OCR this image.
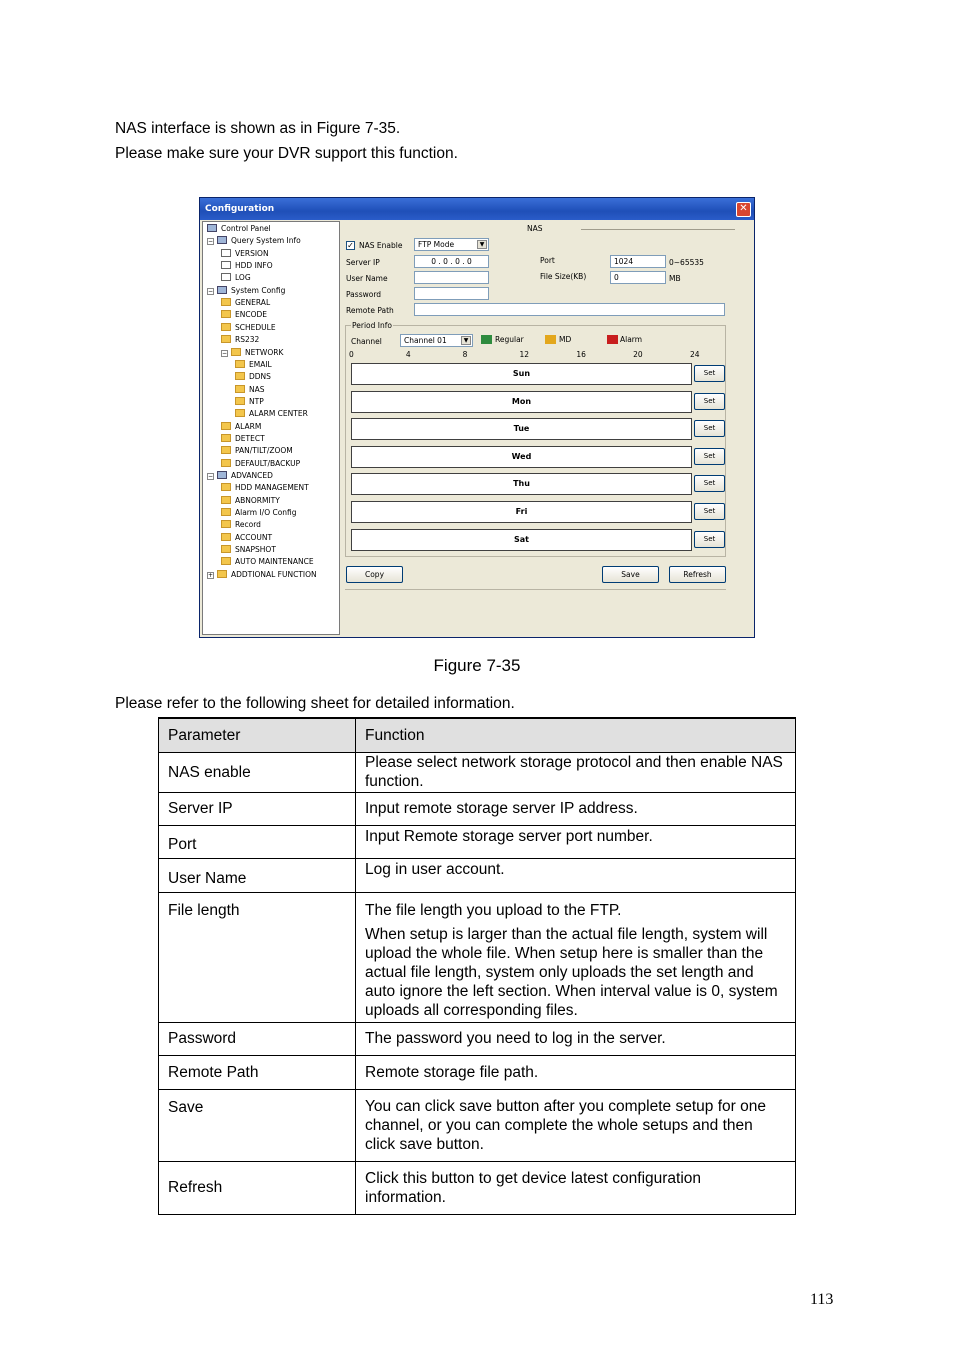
NAS interface is shown as in Figure 7-35.
Please make sure your DVR support this function.
Configuration	✕
Control Panel
− Query System Info
VERSION
HDD INFO
LOG
− System Config
GENERAL
ENCODE
SCHEDULE
RS232
− NETWORK
EMAIL
DDNS
NAS
NTP
ALARM CENTER
ALARM
DETECT
PAN/TILT/ZOOM
DEFAULT/BACKUP
− ADVANCED
HDD MANAGEMENT
ABNORMITY
Alarm I/O Config
Record
ACCOUNT
SNAPSHOT
AUTO MAINTENANCE
+ ADDTIONAL FUNCTION
NAS
✓ NAS Enable	FTP Mode	▼
Server IP	0 . 0 . 0 . 0	Port	1024	0~65535
User Name	File Size(KB)	0	MB
Password
Remote Path
Period Info
Channel	Channel 01	▼	Regular	MD	Alarm
0	4	8	12	16	20	24
Sun	Set
Mon	Set
Tue	Set
Wed	Set
Thu	Set
Fri	Set
Sat	Set
Copy	Save	Refresh
Figure 7-35
Please refer to the following sheet for detailed information.
Parameter	Function
NAS enable	Please select network storage protocol and then enable NAS function.
Server IP	Input remote storage server IP address.
Port	Input Remote storage server port number.
User Name	Log in user account.
File length	The file length you upload to the FTP.
When setup is larger than the actual file length, system will upload the whole file. When setup here is smaller than the actual file length, system only uploads the set length and auto ignore the left section. When interval value is 0, system uploads all corresponding files.

Password	The password you need to log in the server.
Remote Path	Remote storage file path.
Save	You can click save button after you complete setup for one channel, or you can complete the whole setups and then click save button.
Refresh	Click this button to get device latest configuration information.
113
